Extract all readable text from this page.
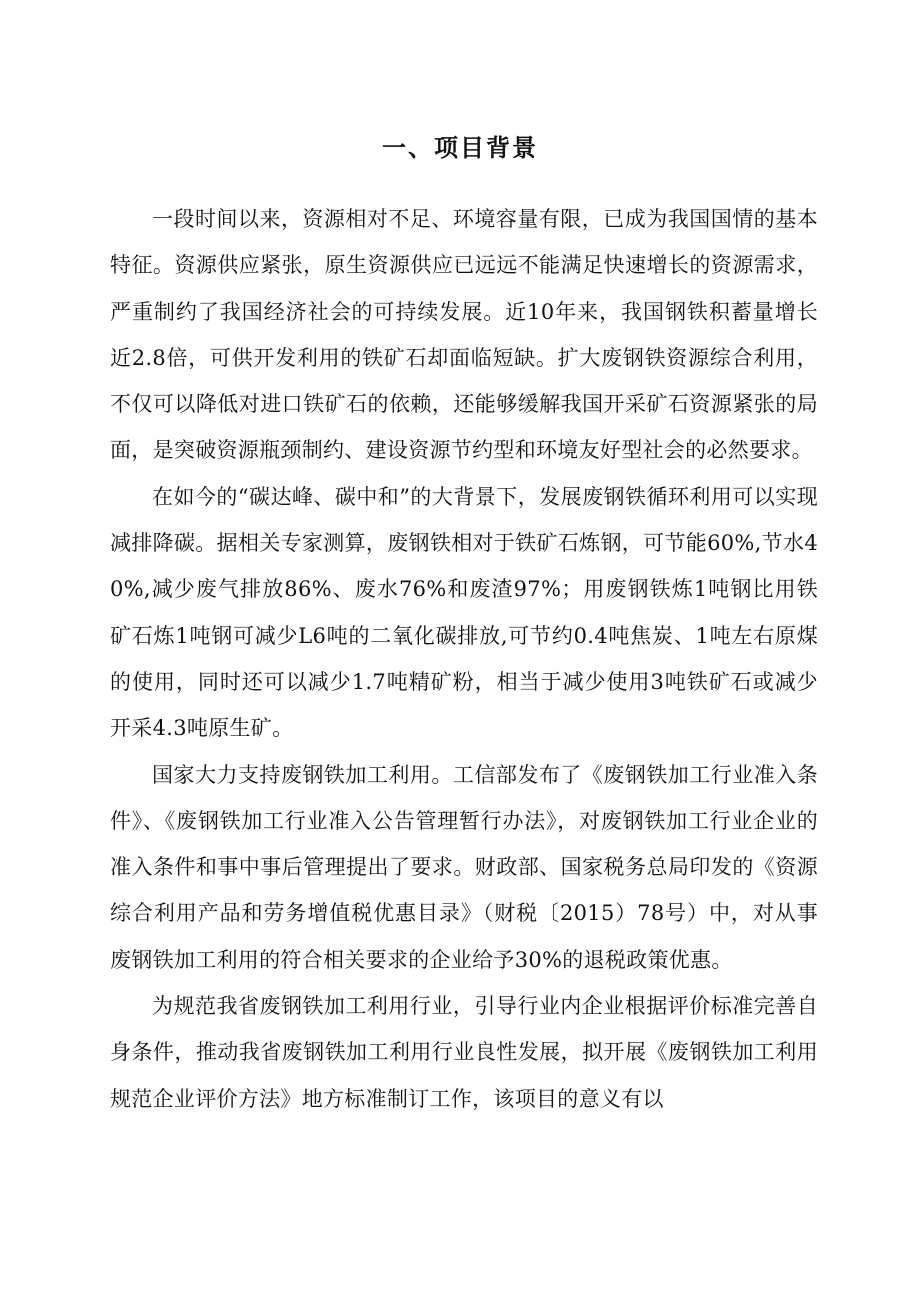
一、项目背景

一段时间以来，资源相对不足、环境容量有限，已成为我国国情的基本特征。资源供应紧张，原生资源供应已远远不能满足快速增长的资源需求，严重制约了我国经济社会的可持续发展。近10年来，我国钢铁积蓄量增长近2.8倍，可供开发利用的铁矿石却面临短缺。扩大废钢铁资源综合利用，不仅可以降低对进口铁矿石的依赖，还能够缓解我国开采矿石资源紧张的局面，是突破资源瓶颈制约、建设资源节约型和环境友好型社会的必然要求。

在如今的“碳达峰、碳中和”的大背景下，发展废钢铁循环利用可以实现减排降碳。据相关专家测算，废钢铁相对于铁矿石炼钢，可节能60%,节水40%,减少废气排放86%、废水76%和废渣97%；用废钢铁炼1吨钢比用铁矿石炼1吨钢可减少L6吨的二氧化碳排放,可节约0.4吨焦炭、1吨左右原煤的使用，同时还可以减少1.7吨精矿粉，相当于减少使用3吨铁矿石或减少开采4.3吨原生矿。

国家大力支持废钢铁加工利用。工信部发布了《废钢铁加工行业准入条件》、《废钢铁加工行业准入公告管理暂行办法》，对废钢铁加工行业企业的准入条件和事中事后管理提出了要求。财政部、国家税务总局印发的《资源综合利用产品和劳务增值税优惠目录》（财税〔2015）78号）中，对从事废钢铁加工利用的符合相关要求的企业给予30%的退税政策优惠。

为规范我省废钢铁加工利用行业，引导行业内企业根据评价标准完善自身条件，推动我省废钢铁加工利用行业良性发展，拟开展《废钢铁加工利用规范企业评价方法》地方标准制订工作，该项目的意义有以
